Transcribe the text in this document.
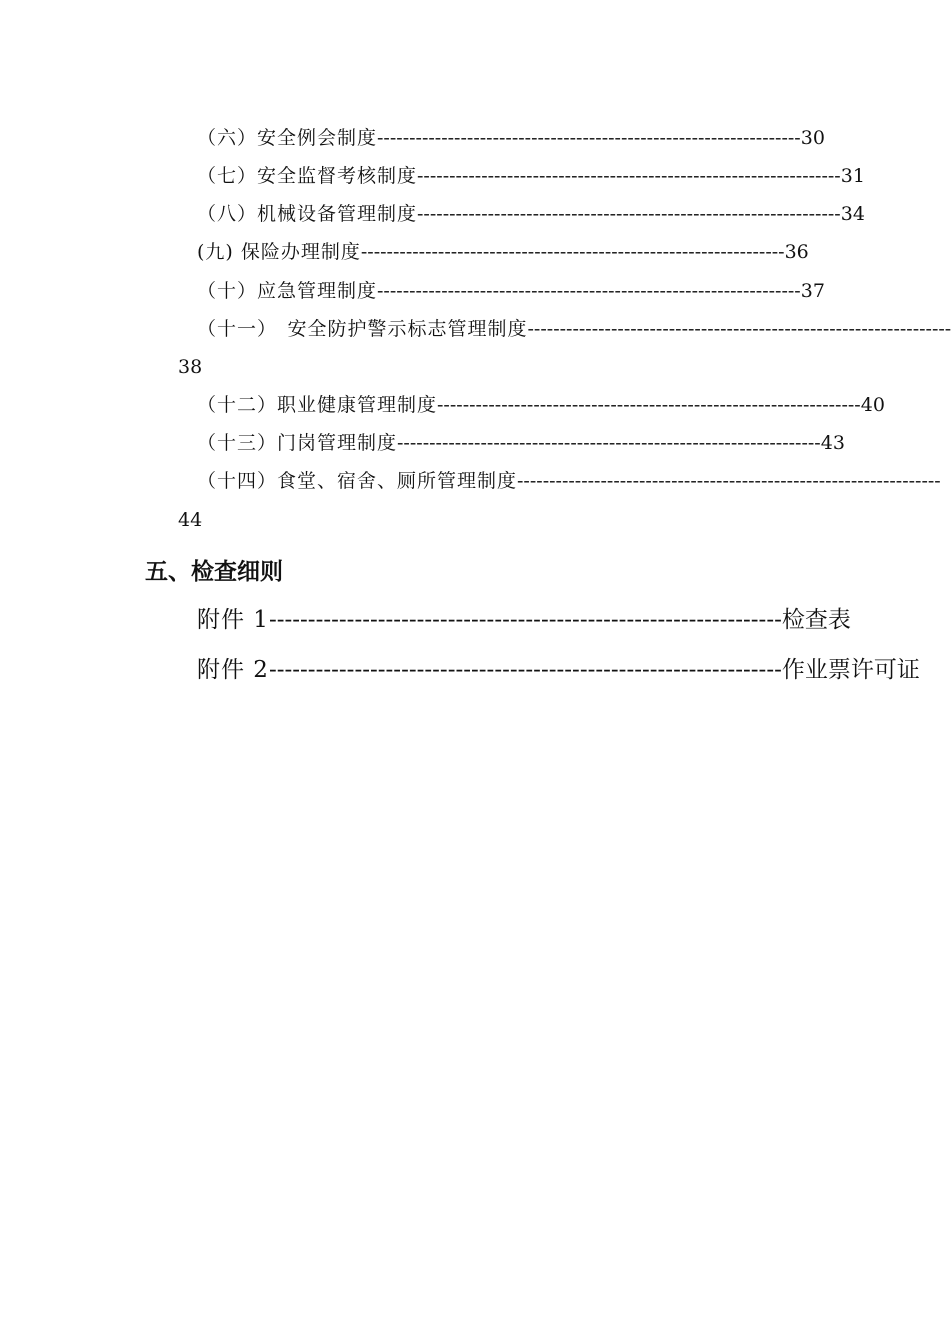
（六）安全例会制度 ------------------------------------------------------------------ 30
（七）安全监督考核制度 ------------------------------------------------------------------ 31
（八）机械设备管理制度 ------------------------------------------------------------------ 34
(九) 保险办理制度 ------------------------------------------------------------------ 36
（十）应急管理制度 ------------------------------------------------------------------ 37
（十一）　安全防护警示标志管理制度------------------------------------------------------------------
38
（十二）职业健康管理制度 ------------------------------------------------------------------ 40
（十三）门岗管理制度 ------------------------------------------------------------------ 43
（十四）食堂、宿舍、厕所管理制度------------------------------------------------------------------
44
五、检查细则
附件 1 ------------------------------------------------------------------ 检查表
附件 2 ------------------------------------------------------------------ 作业票许可证
